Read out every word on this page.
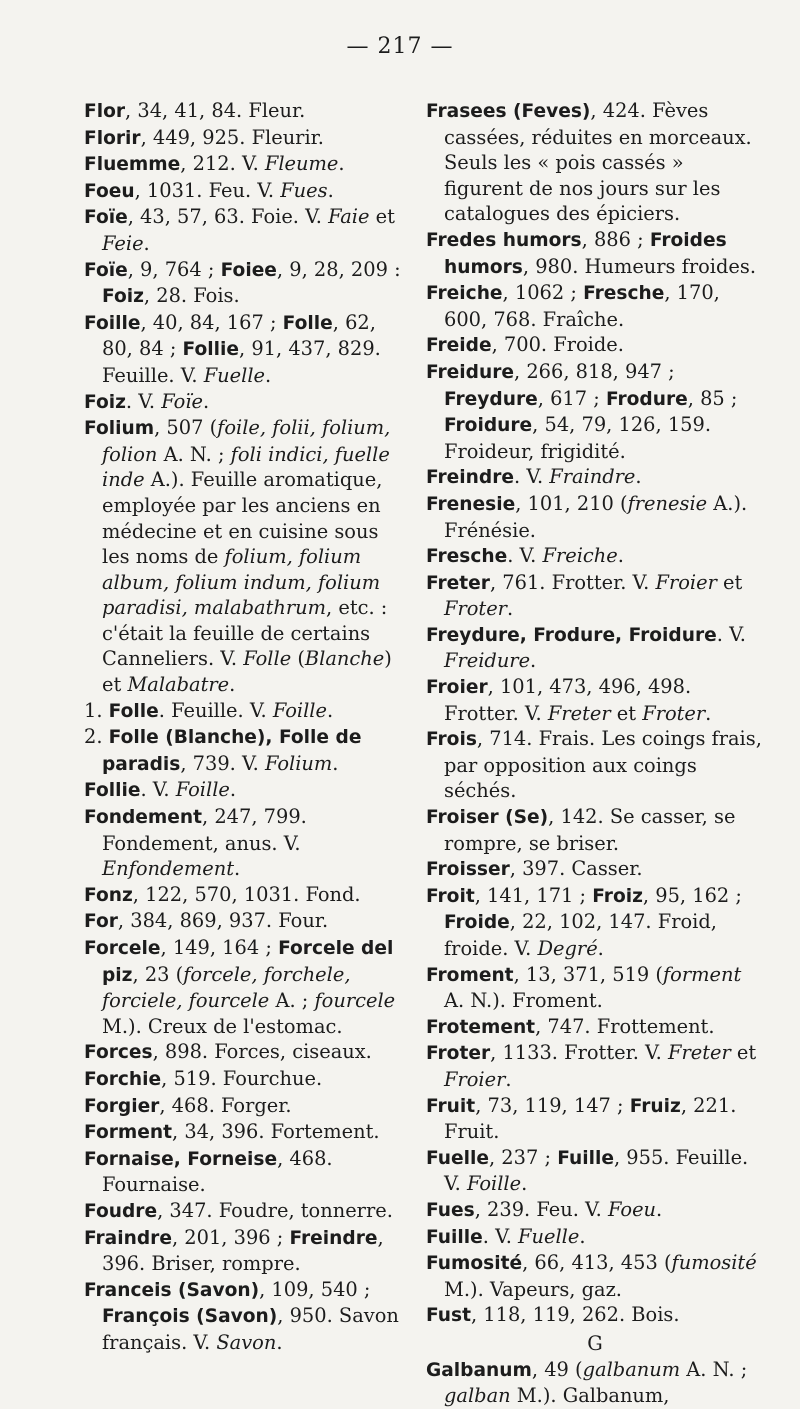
— 217 —

Flor, 34, 41, 84. Fleur.

Florir, 449, 925. Fleurir.

Fluemme, 212. V. Fleume.

Foeu, 1031. Feu. V. Fues.

Foïe, 43, 57, 63. Foie. V. Faie et Feie.

Foïe, 9, 764 ; Foiee, 9, 28, 209 : Foiz, 28. Fois.

Foille, 40, 84, 167 ; Folle, 62, 80, 84 ; Follie, 91, 437, 829. Feuille. V. Fuelle.

Foiz. V. Foïe.

Folium, 507 (foile, folii, folium, folion A. N. ; foli indici, fuelle inde A.). Feuille aromatique, employée par les anciens en médecine et en cuisine sous les noms de folium, folium album, folium indum, folium paradisi, malabathrum, etc. : c'était la feuille de certains Canneliers. V. Folle (Blanche) et Malabatre.

1. Folle. Feuille. V. Foille.

2. Folle (Blanche), Folle de paradis, 739. V. Folium.

Follie. V. Foille.

Fondement, 247, 799. Fondement, anus. V. Enfondement.

Fonz, 122, 570, 1031. Fond.

For, 384, 869, 937. Four.

Forcele, 149, 164 ; Forcele del piz, 23 (forcele, forchele, forciele, fourcele A. ; fourcele M.). Creux de l'estomac.

Forces, 898. Forces, ciseaux.

Forchie, 519. Fourchue.

Forgier, 468. Forger.

Forment, 34, 396. Fortement.

Fornaise, Forneise, 468. Fournaise.

Foudre, 347. Foudre, tonnerre.

Fraindre, 201, 396 ; Freindre, 396. Briser, rompre.

Franceis (Savon), 109, 540 ; François (Savon), 950. Savon français. V. Savon.

Frasees (Feves), 424. Fèves cassées, réduites en morceaux. Seuls les « pois cassés » figurent de nos jours sur les catalogues des épiciers.

Fredes humors, 886 ; Froides humors, 980. Humeurs froides.

Freiche, 1062 ; Fresche, 170, 600, 768. Fraîche.

Freide, 700. Froide.

Freidure, 266, 818, 947 ; Freydure, 617 ; Frodure, 85 ; Froidure, 54, 79, 126, 159. Froideur, frigidité.

Freindre. V. Fraindre.

Frenesie, 101, 210 (frenesie A.). Frénésie.

Fresche. V. Freiche.

Freter, 761. Frotter. V. Froier et Froter.

Freydure, Frodure, Froidure. V. Freidure.

Froier, 101, 473, 496, 498. Frotter. V. Freter et Froter.

Frois, 714. Frais. Les coings frais, par opposition aux coings séchés.

Froiser (Se), 142. Se casser, se rompre, se briser.

Froisser, 397. Casser.

Froit, 141, 171 ; Froiz, 95, 162 ; Froide, 22, 102, 147. Froid, froide. V. Degré.

Froment, 13, 371, 519 (forment A. N.). Froment.

Frotement, 747. Frottement.

Froter, 1133. Frotter. V. Freter et Froier.

Fruit, 73, 119, 147 ; Fruiz, 221. Fruit.

Fuelle, 237 ; Fuille, 955. Feuille. V. Foille.

Fues, 239. Feu. V. Foeu.

Fuille. V. Fuelle.

Fumosité, 66, 413, 453 (fumosité M.). Vapeurs, gaz.

Fust, 118, 119, 262. Bois.

G

Galbanum, 49 (galbanum A. N. ; galban M.). Galbanum,
